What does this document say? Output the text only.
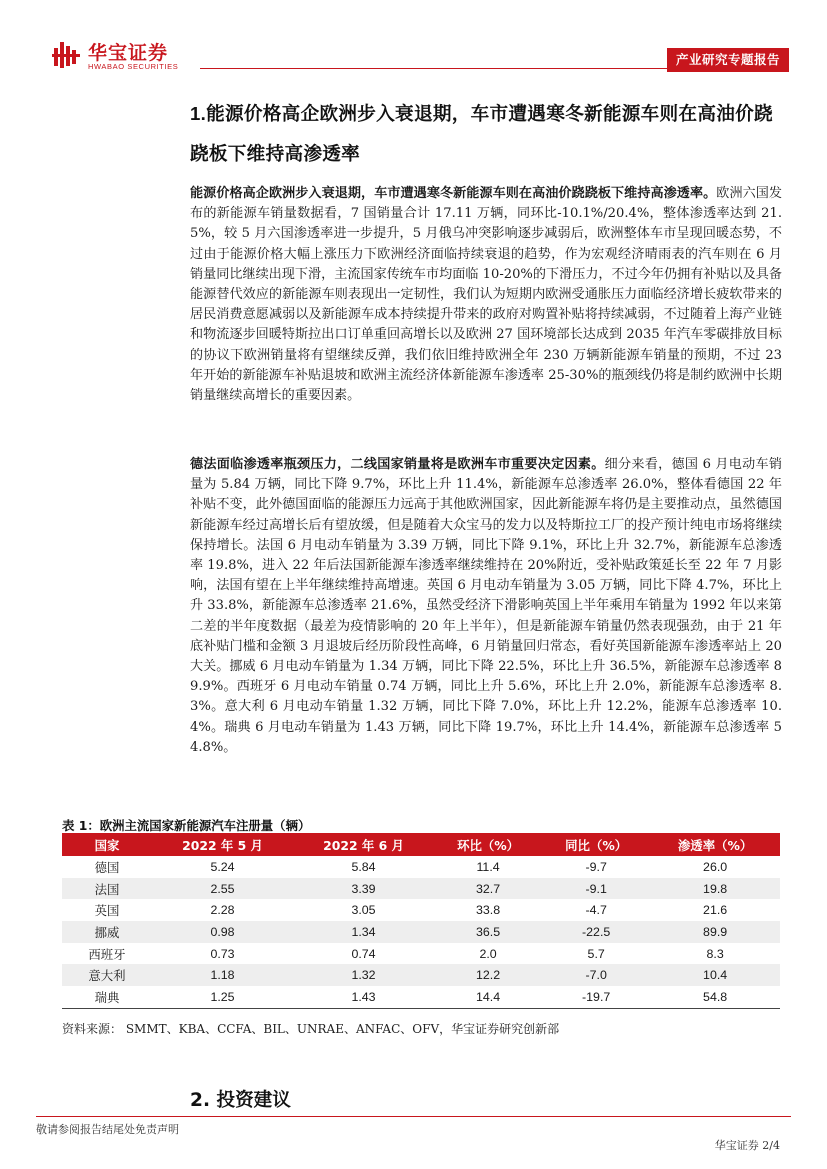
华宝证券
HWABAO SECURITIES	产业研究专题报告
1.能源价格高企欧洲步入衰退期，车市遭遇寒冬新能源车则在高油价跷跷板下维持高渗透率
能源价格高企欧洲步入衰退期，车市遭遇寒冬新能源车则在高油价跷跷板下维持高渗透率。欧洲六国发布的新能源车销量数据看，7 国销量合计 17.11 万辆，同环比-10.1%/20.4%，整体渗透率达到 21.5%，较 5 月六国渗透率进一步提升，5 月俄乌冲突影响逐步减弱后，欧洲整体车市呈现回暖态势，不过由于能源价格大幅上涨压力下欧洲经济面临持续衰退的趋势，作为宏观经济晴雨表的汽车则在 6 月销量同比继续出现下滑，主流国家传统车市均面临 10-20%的下滑压力，不过今年仍拥有补贴以及具备能源替代效应的新能源车则表现出一定韧性，我们认为短期内欧洲受通胀压力面临经济增长疲软带来的居民消费意愿减弱以及新能源车成本持续提升带来的政府对购置补贴将持续减弱，不过随着上海产业链和物流逐步回暖特斯拉出口订单重回高增长以及欧洲 27 国环境部长达成到 2035 年汽车零碳排放目标的协议下欧洲销量将有望继续反弹，我们依旧维持欧洲全年 230 万辆新能源车销量的预期，不过 23 年开始的新能源车补贴退坡和欧洲主流经济体新能源车渗透率 25-30%的瓶颈线仍将是制约欧洲中长期销量继续高增长的重要因素。
德法面临渗透率瓶颈压力，二线国家销量将是欧洲车市重要决定因素。细分来看，德国 6 月电动车销量为 5.84 万辆，同比下降 9.7%，环比上升 11.4%，新能源车总渗透率 26.0%，整体看德国 22 年补贴不变，此外德国面临的能源压力远高于其他欧洲国家，因此新能源车将仍是主要推动点，虽然德国新能源车经过高增长后有望放缓，但是随着大众宝马的发力以及特斯拉工厂的投产预计纯电市场将继续保持增长。法国 6 月电动车销量为 3.39 万辆，同比下降 9.1%，环比上升 32.7%，新能源车总渗透率 19.8%，进入 22 年后法国新能源车渗透率继续维持在 20%附近，受补贴政策延长至 22 年 7 月影响，法国有望在上半年继续维持高增速。英国 6 月电动车销量为 3.05 万辆，同比下降 4.7%，环比上升 33.8%，新能源车总渗透率 21.6%，虽然受经济下滑影响英国上半年乘用车销量为 1992 年以来第二差的半年度数据（最差为疫情影响的 20 年上半年），但是新能源车销量仍然表现强劲，由于 21 年底补贴门槛和金额 3 月退坡后经历阶段性高峰，6 月销量回归常态，看好英国新能源车渗透率站上 20 大关。挪威 6 月电动车销量为 1.34 万辆，同比下降 22.5%，环比上升 36.5%，新能源车总渗透率 89.9%。西班牙 6 月电动车销量 0.74 万辆，同比上升 5.6%，环比上升 2.0%，新能源车总渗透率 8.3%。意大利 6 月电动车销量 1.32 万辆，同比下降 7.0%，环比上升 12.2%，能源车总渗透率 10.4%。瑞典 6 月电动车销量为 1.43 万辆，同比下降 19.7%，环比上升 14.4%，新能源车总渗透率 54.8%。
表 1：欧洲主流国家新能源汽车注册量（辆）
国家	2022 年 5 月	2022 年 6 月	环比（%）	同比（%）	渗透率（%）
德国	5.24	5.84	11.4	-9.7	26.0
法国	2.55	3.39	32.7	-9.1	19.8
英国	2.28	3.05	33.8	-4.7	21.6
挪威	0.98	1.34	36.5	-22.5	89.9
西班牙	0.73	0.74	2.0	5.7	8.3
意大利	1.18	1.32	12.2	-7.0	10.4
瑞典	1.25	1.43	14.4	-19.7	54.8
资料来源： SMMT、KBA、CCFA、BIL、UNRAE、ANFAC、OFV，华宝证券研究创新部
2. 投资建议
敬请参阅报告结尾处免责声明
华宝证券 2/4
